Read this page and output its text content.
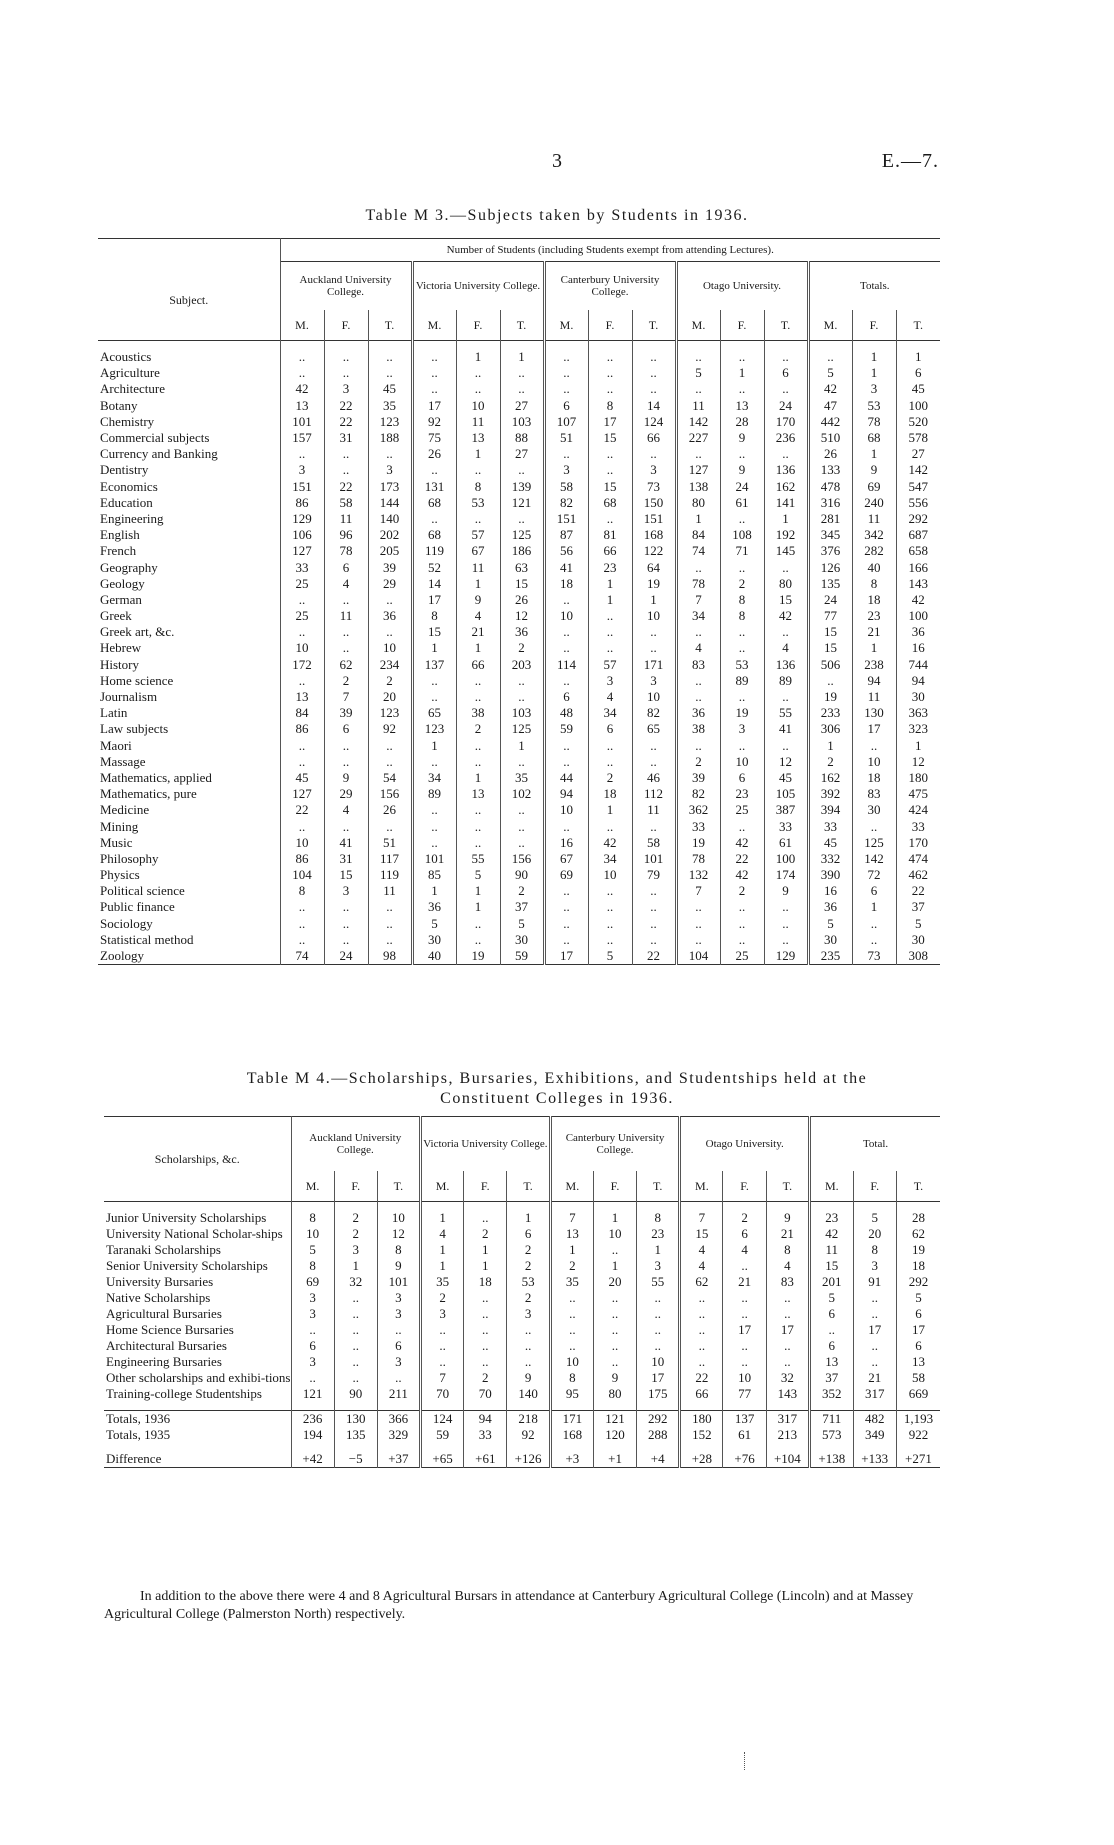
3	E.—7.
Table M 3.—Subjects taken by Students in 1936.
	Number of Students (including Students exempt from attending Lectures).														
Subject.	Auckland University College.			Victoria University College.			Canterbury University College.			Otago University.			Totals.		
	M.	F.	T.	M.	F.	T.	M.	F.	T.	M.	F.	T.	M.	F.	T.

Acoustics	..	..	..	..	1	1	..	..	..	..	..	..	..	1	1
Agriculture	..	..	..	..	..	..	..	..	..	5	1	6	5	1	6
Architecture	42	3	45	..	..	..	..	..	..	..	..	..	42	3	45
Botany	13	22	35	17	10	27	6	8	14	11	13	24	47	53	100
Chemistry	101	22	123	92	11	103	107	17	124	142	28	170	442	78	520
Commercial subjects	157	31	188	75	13	88	51	15	66	227	9	236	510	68	578
Currency and Banking	..	..	..	26	1	27	..	..	..	..	..	..	26	1	27
Dentistry	3	..	3	..	..	..	3	..	3	127	9	136	133	9	142
Economics	151	22	173	131	8	139	58	15	73	138	24	162	478	69	547
Education	86	58	144	68	53	121	82	68	150	80	61	141	316	240	556
Engineering	129	11	140	..	..	..	151	..	151	1	..	1	281	11	292
English	106	96	202	68	57	125	87	81	168	84	108	192	345	342	687
French	127	78	205	119	67	186	56	66	122	74	71	145	376	282	658
Geography	33	6	39	52	11	63	41	23	64	..	..	..	126	40	166
Geology	25	4	29	14	1	15	18	1	19	78	2	80	135	8	143
German	..	..	..	17	9	26	..	1	1	7	8	15	24	18	42
Greek	25	11	36	8	4	12	10	..	10	34	8	42	77	23	100
Greek art, &c.	..	..	..	15	21	36	..	..	..	..	..	..	15	21	36
Hebrew	10	..	10	1	1	2	..	..	..	4	..	4	15	1	16
History	172	62	234	137	66	203	114	57	171	83	53	136	506	238	744
Home science	..	2	2	..	..	..	..	3	3	..	89	89	..	94	94
Journalism	13	7	20	..	..	..	6	4	10	..	..	..	19	11	30
Latin	84	39	123	65	38	103	48	34	82	36	19	55	233	130	363
Law subjects	86	6	92	123	2	125	59	6	65	38	3	41	306	17	323
Maori	..	..	..	1	..	1	..	..	..	..	..	..	1	..	1
Massage	..	..	..	..	..	..	..	..	..	2	10	12	2	10	12
Mathematics, applied	45	9	54	34	1	35	44	2	46	39	6	45	162	18	180
Mathematics, pure	127	29	156	89	13	102	94	18	112	82	23	105	392	83	475
Medicine	22	4	26	..	..	..	10	1	11	362	25	387	394	30	424
Mining	..	..	..	..	..	..	..	..	..	33	..	33	33	..	33
Music	10	41	51	..	..	..	16	42	58	19	42	61	45	125	170
Philosophy	86	31	117	101	55	156	67	34	101	78	22	100	332	142	474
Physics	104	15	119	85	5	90	69	10	79	132	42	174	390	72	462
Political science	8	3	11	1	1	2	..	..	..	7	2	9	16	6	22
Public finance	..	..	..	36	1	37	..	..	..	..	..	..	36	1	37
Sociology	..	..	..	5	..	5	..	..	..	..	..	..	5	..	5
Statistical method	..	..	..	30	..	30	..	..	..	..	..	..	30	..	30
Zoology	74	24	98	40	19	59	17	5	22	104	25	129	235	73	308
Table M 4.—Scholarships, Bursaries, Exhibitions, and Studentships held at the
Constituent Colleges in 1936.
Scholarships, &c.	Auckland University College.			Victoria University College.			Canterbury University College.			Otago University.			Total.		
	M.	F.	T.	M.	F.	T.	M.	F.	T.	M.	F.	T.	M.	F.	T.

Junior University Scholarships	8	2	10	1	..	1	7	1	8	7	2	9	23	5	28
University National Scholar-ships	10	2	12	4	2	6	13	10	23	15	6	21	42	20	62
Taranaki Scholarships	5	3	8	1	1	2	1	..	1	4	4	8	11	8	19
Senior University Scholarships	8	1	9	1	1	2	2	1	3	4	..	4	15	3	18
University Bursaries	69	32	101	35	18	53	35	20	55	62	21	83	201	91	292
Native Scholarships	3	..	3	2	..	2	..	..	..	..	..	..	5	..	5
Agricultural Bursaries	3	..	3	3	..	3	..	..	..	..	..	..	6	..	6
Home Science Bursaries	..	..	..	..	..	..	..	..	..	..	17	17	..	17	17
Architectural Bursaries	6	..	6	..	..	..	..	..	..	..	..	..	6	..	6
Engineering Bursaries	3	..	3	..	..	..	10	..	10	..	..	..	13	..	13
Other scholarships and exhibi-tions	..	..	..	7	2	9	8	9	17	22	10	32	37	21	58
Training-college Studentships	121	90	211	70	70	140	95	80	175	66	77	143	352	317	669

Totals, 1936	236	130	366	124	94	218	171	121	292	180	137	317	711	482	1,193
Totals, 1935	194	135	329	59	33	92	168	120	288	152	61	213	573	349	922

Difference	+42	−5	+37	+65	+61	+126	+3	+1	+4	+28	+76	+104	+138	+133	+271
In addition to the above there were 4 and 8 Agricultural Bursars in attendance at Canterbury Agricultural College (Lincoln) and at Massey Agricultural College (Palmerston North) respectively.
